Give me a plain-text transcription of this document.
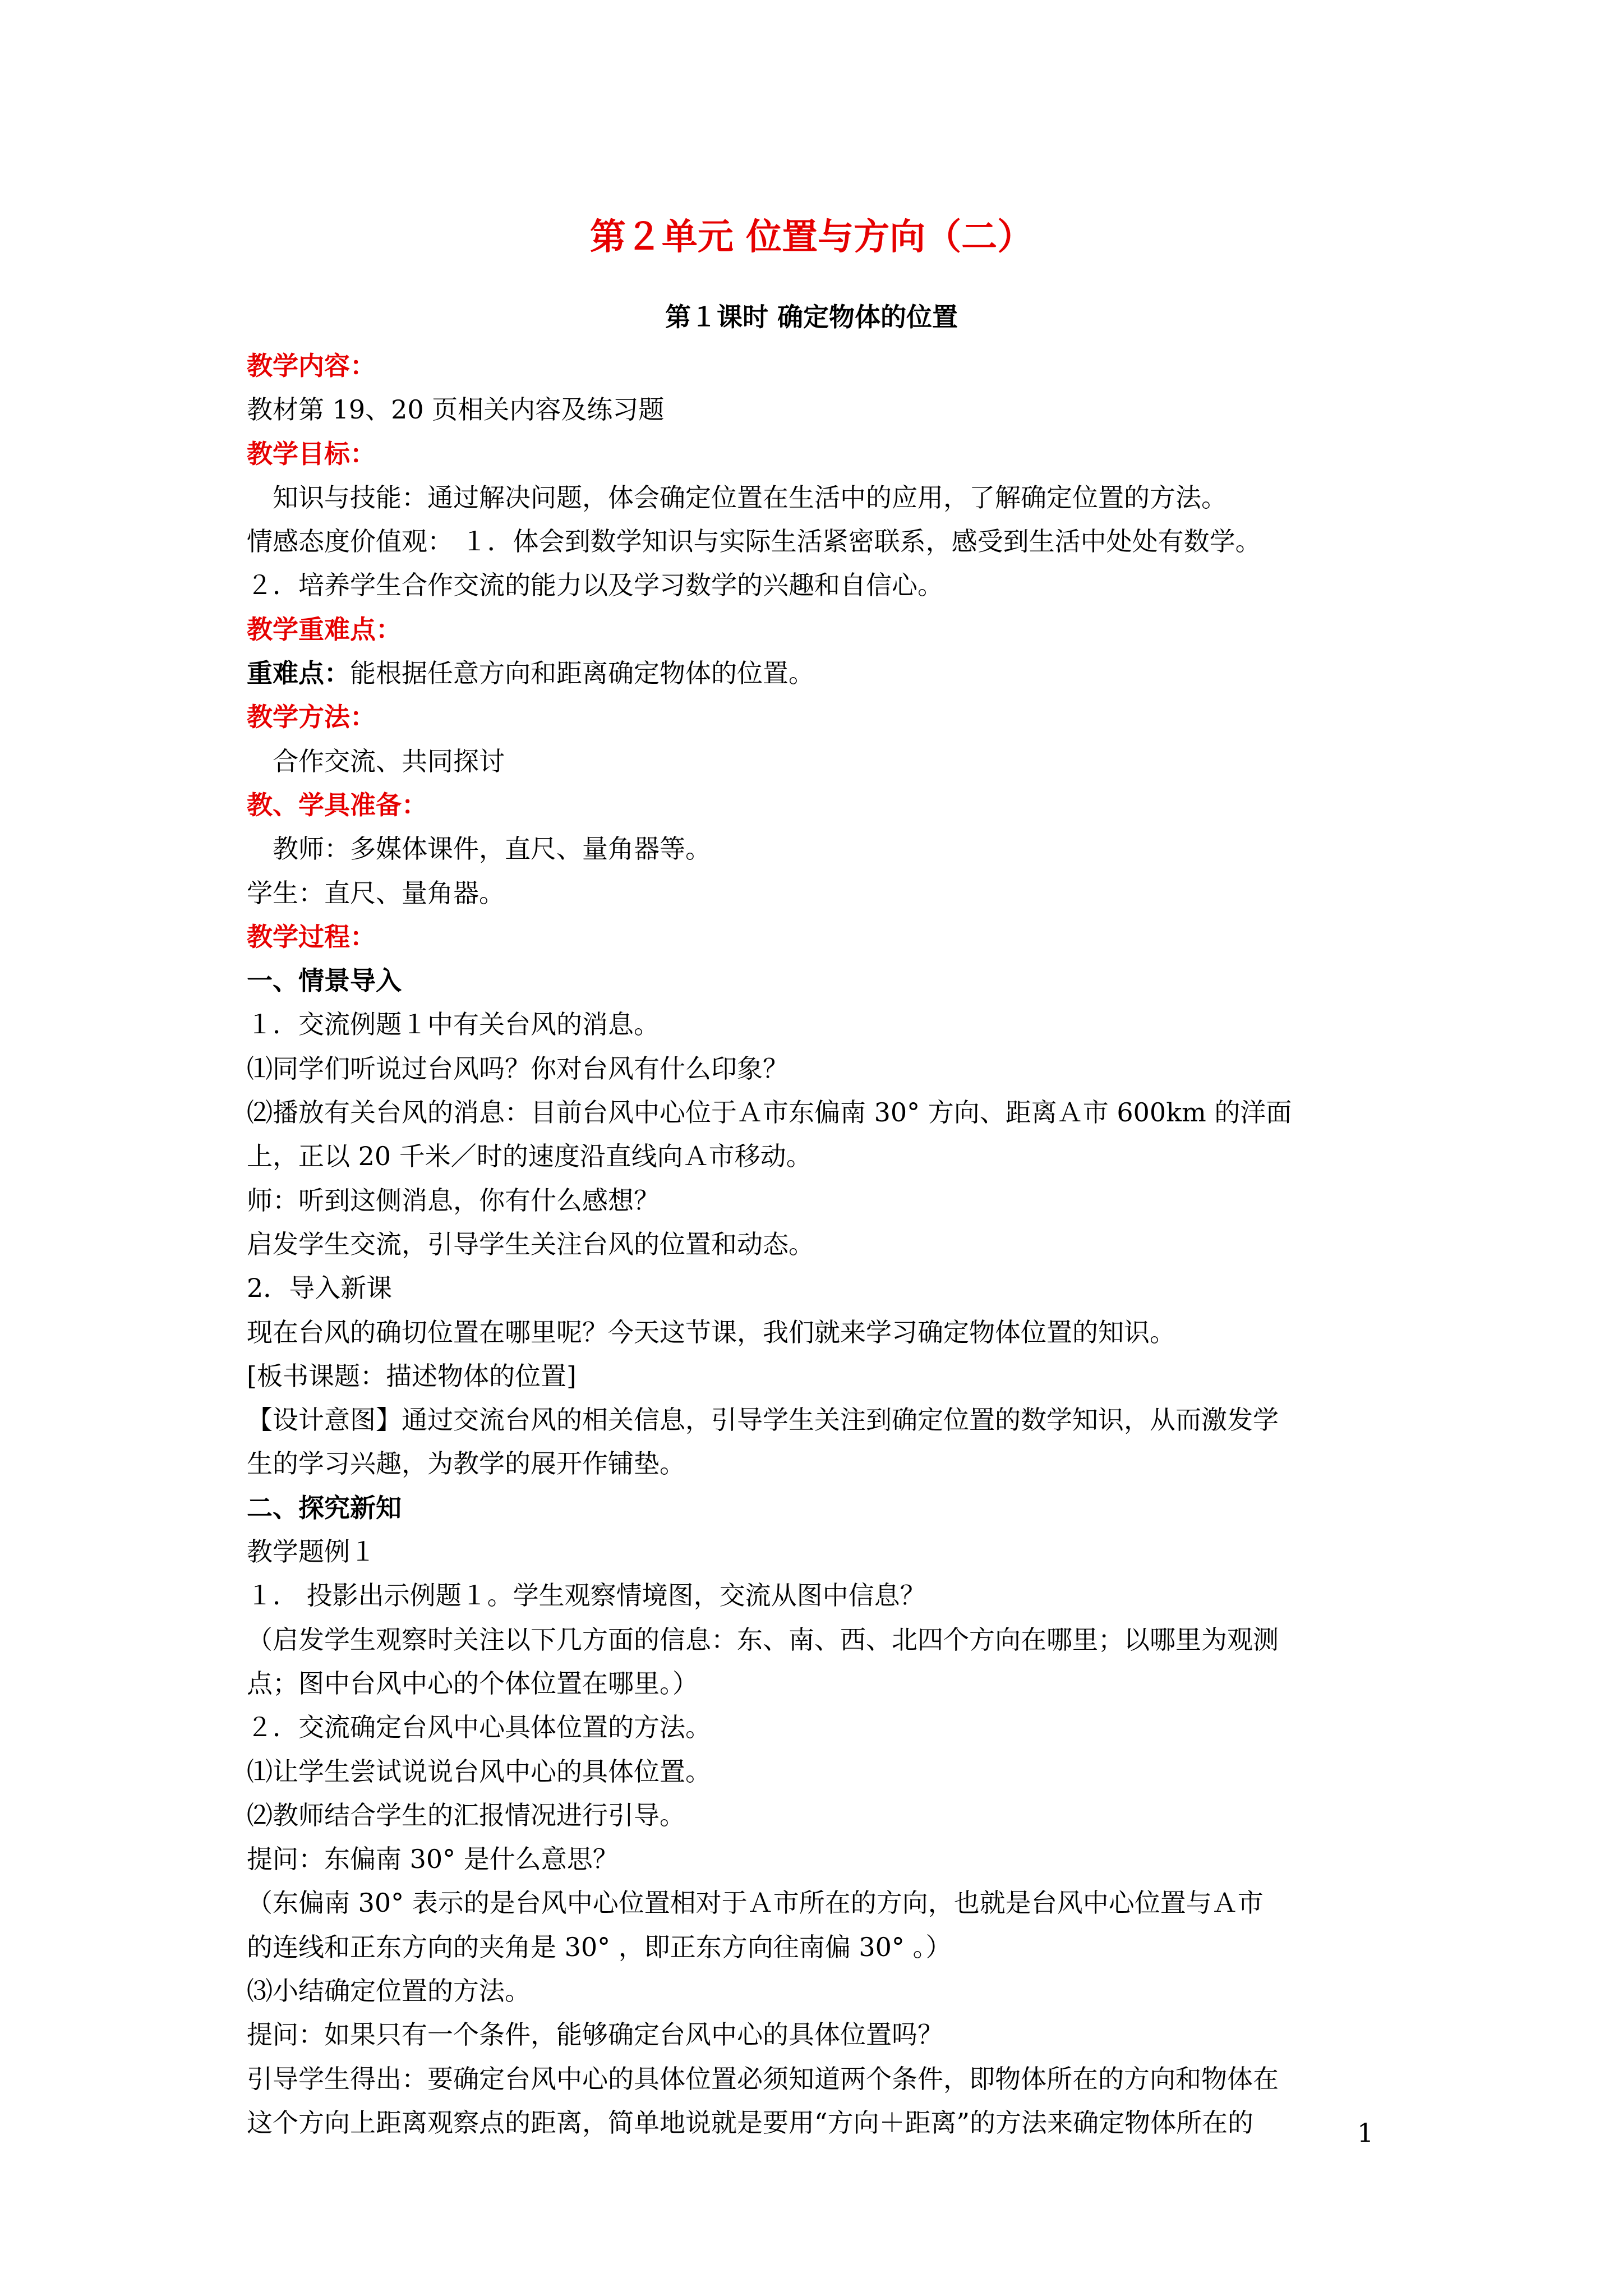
第２单元 位置与方向（二）
第１课时 确定物体的位置
教学内容：
教材第 19、20 页相关内容及练习题
教学目标：
知识与技能：通过解决问题，体会确定位置在生活中的应用，了解确定位置的方法。
情感态度价值观： １．体会到数学知识与实际生活紧密联系，感受到生活中处处有数学。
２．培养学生合作交流的能力以及学习数学的兴趣和自信心。
教学重难点：
重难点：能根据任意方向和距离确定物体的位置。
教学方法：
合作交流、共同探讨
教、学具准备：
教师：多媒体课件，直尺、量角器等。
学生：直尺、量角器。
教学过程：
一、情景导入
１．交流例题１中有关台风的消息。
⑴同学们听说过台风吗？你对台风有什么印象？
⑵播放有关台风的消息：目前台风中心位于Ａ市东偏南 30° 方向、距离Ａ市 600km 的洋面
上，正以 20 千米／时的速度沿直线向Ａ市移动。
师：听到这侧消息，你有什么感想？
启发学生交流，引导学生关注台风的位置和动态。
2．导入新课
现在台风的确切位置在哪里呢？今天这节课，我们就来学习确定物体位置的知识。
[板书课题：描述物体的位置]
【设计意图】通过交流台风的相关信息，引导学生关注到确定位置的数学知识，从而激发学
生的学习兴趣，为教学的展开作铺垫。
二、探究新知
教学题例１
１． 投影出示例题１。学生观察情境图，交流从图中信息？
（启发学生观察时关注以下几方面的信息：东、南、西、北四个方向在哪里；以哪里为观测
点；图中台风中心的个体位置在哪里。）
２．交流确定台风中心具体位置的方法。
⑴让学生尝试说说台风中心的具体位置。
⑵教师结合学生的汇报情况进行引导。
提问：东偏南 30° 是什么意思？
（东偏南 30° 表示的是台风中心位置相对于Ａ市所在的方向，也就是台风中心位置与Ａ市
的连线和正东方向的夹角是 30° ，即正东方向往南偏 30° 。）
⑶小结确定位置的方法。
提问：如果只有一个条件，能够确定台风中心的具体位置吗？
引导学生得出：要确定台风中心的具体位置必须知道两个条件，即物体所在的方向和物体在
这个方向上距离观察点的距离，简单地说就是要用“方向＋距离”的方法来确定物体所在的	1
